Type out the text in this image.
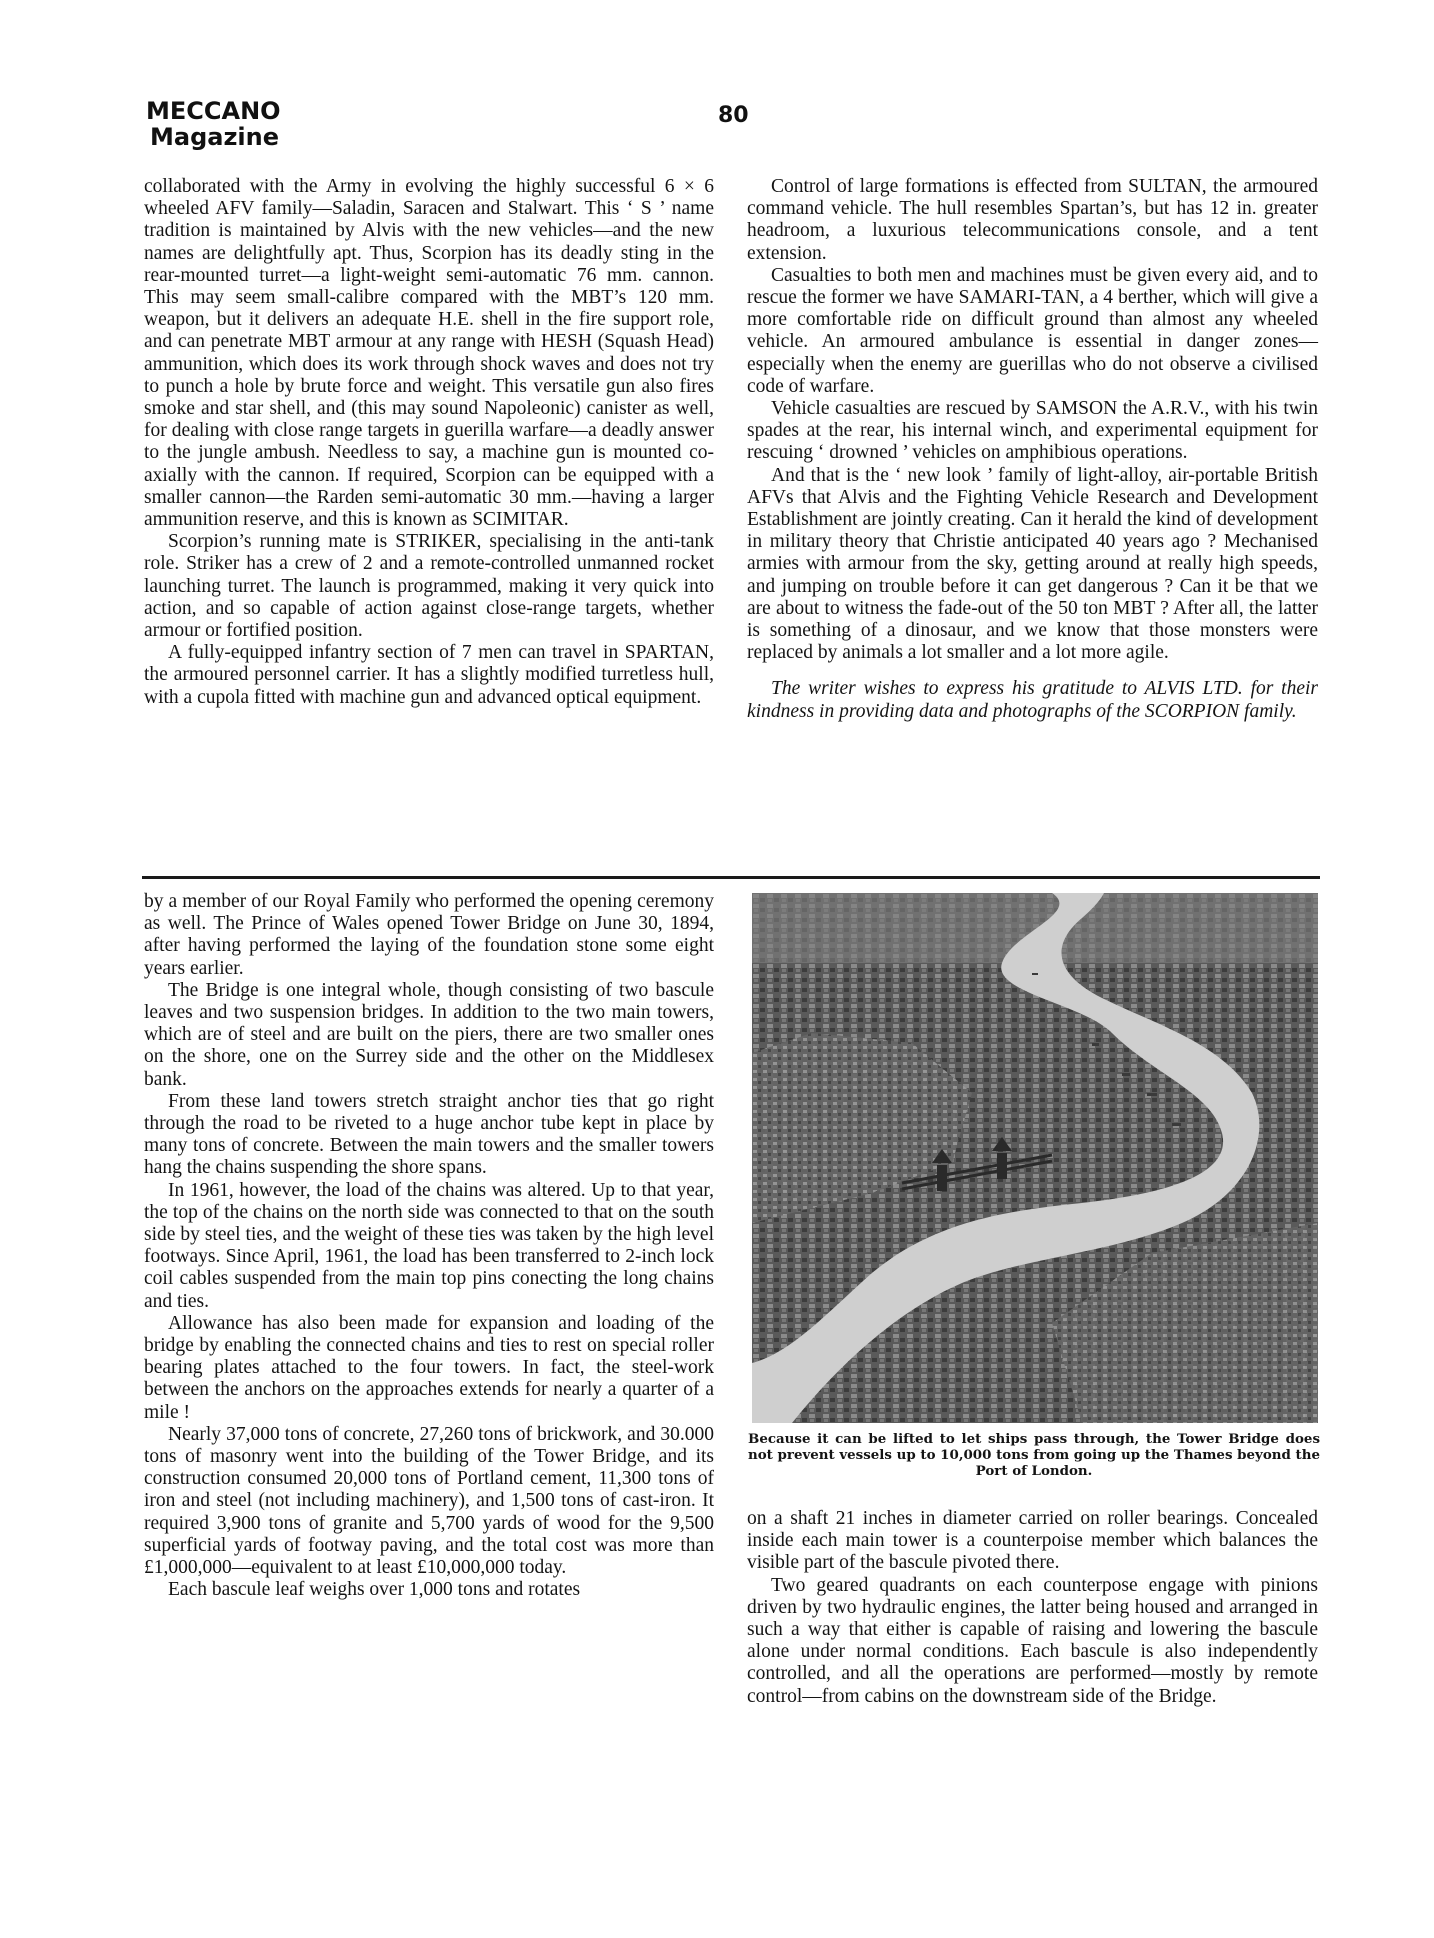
MECCANO
Magazine
80

collaborated with the Army in evolving the highly successful 6 × 6 wheeled AFV family—Saladin, Saracen and Stalwart. This ‘ S ’ name tradition is maintained by Alvis with the new vehicles—and the new names are delightfully apt. Thus, Scorpion has its deadly sting in the rear-mounted turret—a light-weight semi-automatic 76 mm. cannon. This may seem small-calibre compared with the MBT’s 120 mm. weapon, but it delivers an adequate H.E. shell in the fire support role, and can penetrate MBT armour at any range with HESH (Squash Head) ammunition, which does its work through shock waves and does not try to punch a hole by brute force and weight. This versatile gun also fires smoke and star shell, and (this may sound Napoleonic) canister as well, for dealing with close range targets in guerilla warfare—a deadly answer to the jungle ambush. Needless to say, a machine gun is mounted co-axially with the cannon. If required, Scorpion can be equipped with a smaller cannon—the Rarden semi-automatic 30 mm.—having a larger ammunition reserve, and this is known as SCIMITAR.

Scorpion’s running mate is STRIKER, specialising in the anti-tank role. Striker has a crew of 2 and a remote-controlled unmanned rocket launching turret. The launch is programmed, making it very quick into action, and so capable of action against close-range targets, whether armour or fortified position.

A fully-equipped infantry section of 7 men can travel in SPARTAN, the armoured personnel carrier. It has a slightly modified turretless hull, with a cupola fitted with machine gun and advanced optical equipment.

Control of large formations is effected from SULTAN, the armoured command vehicle. The hull resembles Spartan’s, but has 12 in. greater headroom, a luxurious telecommunications console, and a tent extension.

Casualties to both men and machines must be given every aid, and to rescue the former we have SAMARI-TAN, a 4 berther, which will give a more comfortable ride on difficult ground than almost any wheeled vehicle. An armoured ambulance is essential in danger zones—especially when the enemy are guerillas who do not observe a civilised code of warfare.

Vehicle casualties are rescued by SAMSON the A.R.V., with his twin spades at the rear, his internal winch, and experimental equipment for rescuing ‘ drowned ’ vehicles on amphibious operations.

And that is the ‘ new look ’ family of light-alloy, air-portable British AFVs that Alvis and the Fighting Vehicle Research and Development Establishment are jointly creating. Can it herald the kind of development in military theory that Christie anticipated 40 years ago ? Mechanised armies with armour from the sky, getting around at really high speeds, and jumping on trouble before it can get dangerous ? Can it be that we are about to witness the fade-out of the 50 ton MBT ? After all, the latter is something of a dinosaur, and we know that those monsters were replaced by animals a lot smaller and a lot more agile.

The writer wishes to express his gratitude to ALVIS LTD. for their kindness in providing data and photographs of the SCORPION family.

by a member of our Royal Family who performed the opening ceremony as well. The Prince of Wales opened Tower Bridge on June 30, 1894, after having performed the laying of the foundation stone some eight years earlier.

The Bridge is one integral whole, though consisting of two bascule leaves and two suspension bridges. In addition to the two main towers, which are of steel and are built on the piers, there are two smaller ones on the shore, one on the Surrey side and the other on the Middlesex bank.

From these land towers stretch straight anchor ties that go right through the road to be riveted to a huge anchor tube kept in place by many tons of concrete. Between the main towers and the smaller towers hang the chains suspending the shore spans.

In 1961, however, the load of the chains was altered. Up to that year, the top of the chains on the north side was connected to that on the south side by steel ties, and the weight of these ties was taken by the high level footways. Since April, 1961, the load has been transferred to 2-inch lock coil cables suspended from the main top pins conecting the long chains and ties.

Allowance has also been made for expansion and loading of the bridge by enabling the connected chains and ties to rest on special roller bearing plates attached to the four towers. In fact, the steel-work between the anchors on the approaches extends for nearly a quarter of a mile !

Nearly 37,000 tons of concrete, 27,260 tons of brickwork, and 30.000 tons of masonry went into the building of the Tower Bridge, and its construction consumed 20,000 tons of Portland cement, 11,300 tons of iron and steel (not including machinery), and 1,500 tons of cast-iron. It required 3,900 tons of granite and 5,700 yards of wood for the 9,500 superficial yards of footway paving, and the total cost was more than £1,000,000—equivalent to at least £10,000,000 today.

Each bascule leaf weighs over 1,000 tons and rotates

Because it can be lifted to let ships pass through, the Tower Bridge does not prevent vessels up to 10,000 tons from going up the Thames beyond the Port of London.

on a shaft 21 inches in diameter carried on roller bearings. Concealed inside each main tower is a counterpoise member which balances the visible part of the bascule pivoted there.

Two geared quadrants on each counterpose engage with pinions driven by two hydraulic engines, the latter being housed and arranged in such a way that either is capable of raising and lowering the bascule alone under normal conditions. Each bascule is also independently controlled, and all the operations are performed—mostly by remote control—from cabins on the downstream side of the Bridge.
